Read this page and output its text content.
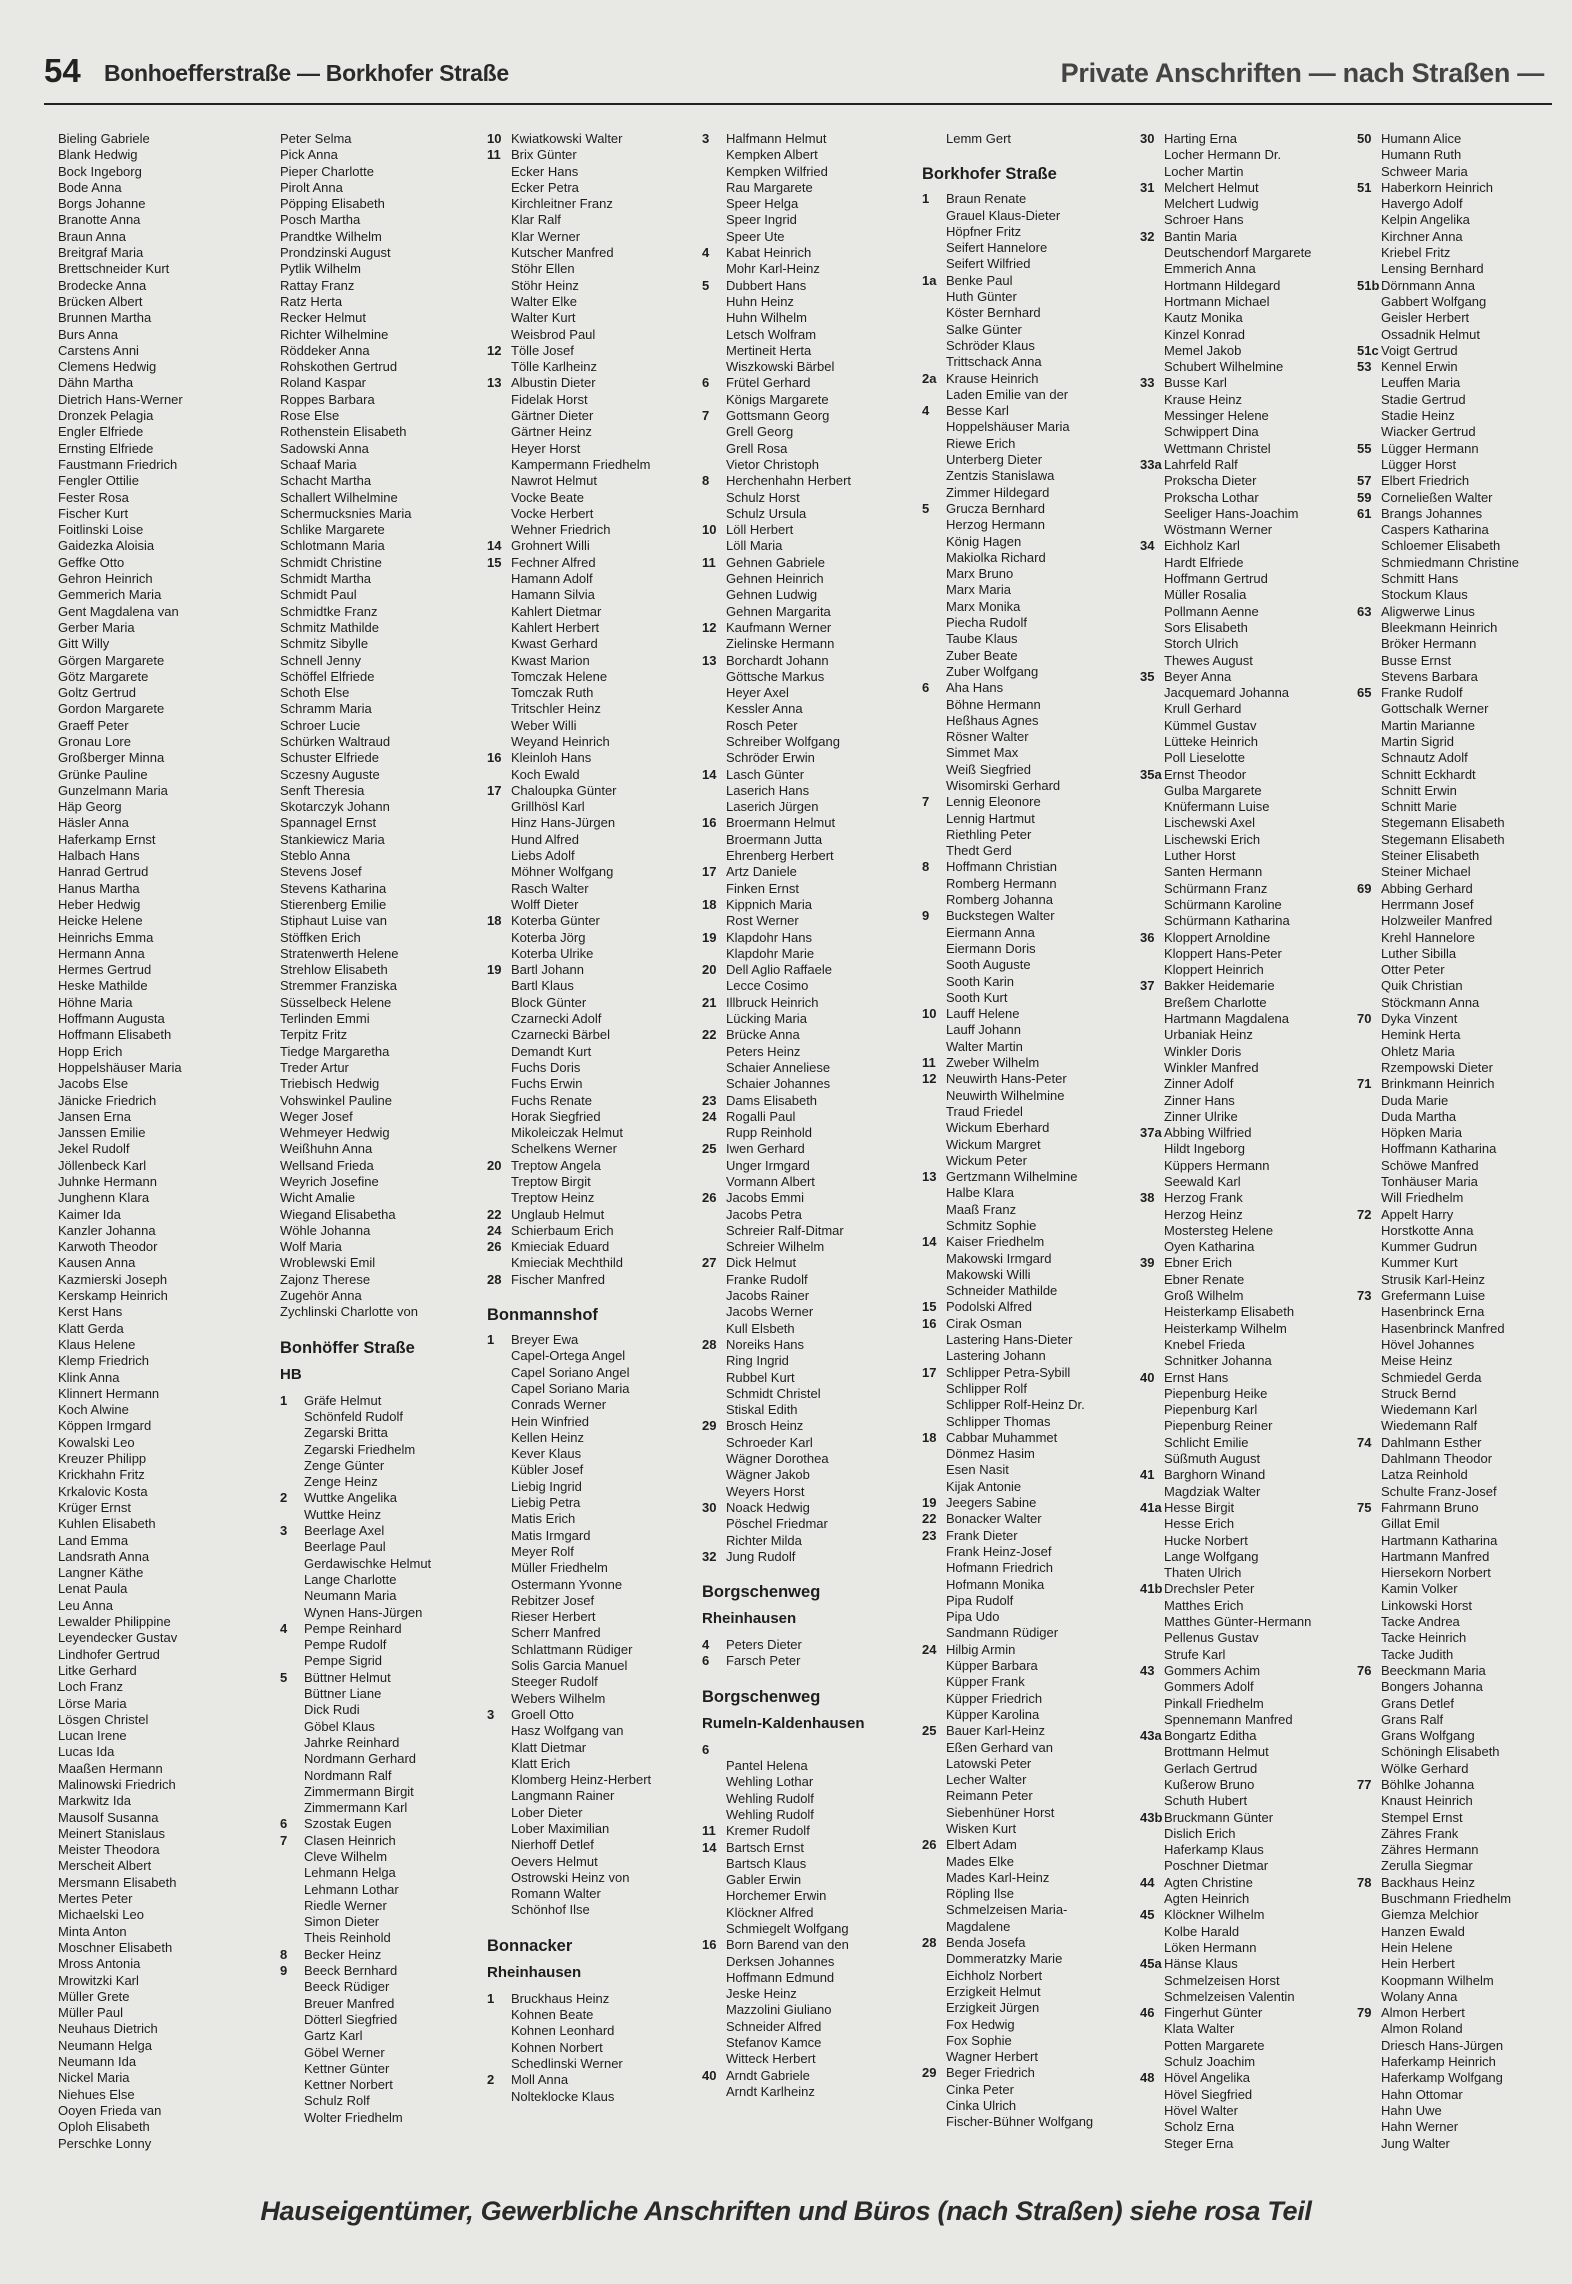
54 Bonhoefferstraße — Borkhofer Straße	Private Anschriften — nach Straßen —
Bieling Gabriele
Blank Hedwig
Bock Ingeborg
Bode Anna
Borgs Johanne
Branotte Anna
Braun Anna
Breitgraf Maria
Brettschneider Kurt
Brodecke Anna
Brücken Albert
Brunnen Martha
Burs Anna
Carstens Anni
Clemens Hedwig
Dähn Martha
Dietrich Hans-Werner
Dronzek Pelagia
Engler Elfriede
Ernsting Elfriede
Faustmann Friedrich
Fengler Ottilie
Fester Rosa
Fischer Kurt
Foitlinski Loise
Gaidezka Aloisia
Geffke Otto
Gehron Heinrich
Gemmerich Maria
Gent Magdalena van
Gerber Maria
Gitt Willy
Görgen Margarete
Götz Margarete
Goltz Gertrud
Gordon Margarete
Graeff Peter
Gronau Lore
Großberger Minna
Grünke Pauline
Gunzelmann Maria
Häp Georg
Häsler Anna
Haferkamp Ernst
Halbach Hans
Hanrad Gertrud
Hanus Martha
Heber Hedwig
Heicke Helene
Heinrichs Emma
Hermann Anna
Hermes Gertrud
Heske Mathilde
Höhne Maria
Hoffmann Augusta
Hoffmann Elisabeth
Hopp Erich
Hoppelshäuser Maria
Jacobs Else
Jänicke Friedrich
Jansen Erna
Janssen Emilie
Jekel Rudolf
Jöllenbeck Karl
Juhnke Hermann
Junghenn Klara
Kaimer Ida
Kanzler Johanna
Karwoth Theodor
Kausen Anna
Kazmierski Joseph
Kerskamp Heinrich
Kerst Hans
Klatt Gerda
Klaus Helene
Klemp Friedrich
Klink Anna
Klinnert Hermann
Koch Alwine
Köppen Irmgard
Kowalski Leo
Kreuzer Philipp
Krickhahn Fritz
Krkalovic Kosta
Krüger Ernst
Kuhlen Elisabeth
Land Emma
Landsrath Anna
Langner Käthe
Lenat Paula
Leu Anna
Lewalder Philippine
Leyendecker Gustav
Lindhofer Gertrud
Litke Gerhard
Loch Franz
Lörse Maria
Lösgen Christel
Lucan Irene
Lucas Ida
Maaßen Hermann
Malinowski Friedrich
Markwitz Ida
Mausolf Susanna
Meinert Stanislaus
Meister Theodora
Merscheit Albert
Mersmann Elisabeth
Mertes Peter
Michaelski Leo
Minta Anton
Moschner Elisabeth
Mross Antonia
Mrowitzki Karl
Müller Grete
Müller Paul
Neuhaus Dietrich
Neumann Helga
Neumann Ida
Nickel Maria
Niehues Else
Ooyen Frieda van
Oploh Elisabeth
Perschke Lonny
Peter Selma
Pick Anna
Pieper Charlotte
Pirolt Anna
Pöpping Elisabeth
Posch Martha
Prandtke Wilhelm
Prondzinski August
Pytlik Wilhelm
Rattay Franz
Ratz Herta
Recker Helmut
Richter Wilhelmine
Röddeker Anna
Rohskothen Gertrud
Roland Kaspar
Roppes Barbara
Rose Else
Rothenstein Elisabeth
Sadowski Anna
Schaaf Maria
Schacht Martha
Schallert Wilhelmine
Schermucksnies Maria
Schlike Margarete
Schlotmann Maria
Schmidt Christine
Schmidt Martha
Schmidt Paul
Schmidtke Franz
Schmitz Mathilde
Schmitz Sibylle
Schnell Jenny
Schöffel Elfriede
Schoth Else
Schramm Maria
Schroer Lucie
Schürken Waltraud
Schuster Elfriede
Sczesny Auguste
Senft Theresia
Skotarczyk Johann
Spannagel Ernst
Stankiewicz Maria
Steblo Anna
Stevens Josef
Stevens Katharina
Stierenberg Emilie
Stiphaut Luise van
Stöffken Erich
Stratenwerth Helene
Strehlow Elisabeth
Stremmer Franziska
Süsselbeck Helene
Terlinden Emmi
Terpitz Fritz
Tiedge Margaretha
Treder Artur
Triebisch Hedwig
Vohswinkel Pauline
Weger Josef
Wehmeyer Hedwig
Weißhuhn Anna
Wellsand Frieda
Weyrich Josefine
Wicht Amalie
Wiegand Elisabetha
Wöhle Johanna
Wolf Maria
Wroblewski Emil
Zajonz Therese
Zugehör Anna
Zychlinski Charlotte von
Bonhöffer Straße
HB
1 Gräfe Helmut
Schönfeld Rudolf
Zegarski Britta
Zegarski Friedhelm
Zenge Günter
Zenge Heinz
2 Wuttke Angelika
Wuttke Heinz
3 Beerlage Axel
Beerlage Paul
Gerdawischke Helmut
Lange Charlotte
Neumann Maria
Wynen Hans-Jürgen
4 Pempe Reinhard
Pempe Rudolf
Pempe Sigrid
5 Büttner Helmut
Büttner Liane
Dick Rudi
Göbel Klaus
Jahrke Reinhard
Nordmann Gerhard
Nordmann Ralf
Zimmermann Birgit
Zimmermann Karl
6 Szostak Eugen
7 Clasen Heinrich
Cleve Wilhelm
Lehmann Helga
Lehmann Lothar
Riedle Werner
Simon Dieter
Theis Reinhold
8 Becker Heinz
9 Beeck Bernhard
Beeck Rüdiger
Breuer Manfred
Dötterl Siegfried
Gartz Karl
Göbel Werner
Kettner Günter
Kettner Norbert
Schulz Rolf
Wolter Friedhelm
10 Kwiatkowski Walter
11 Brix Günter
Ecker Hans
Ecker Petra
Kirchleitner Franz
Klar Ralf
Klar Werner
Kutscher Manfred
Stöhr Ellen
Stöhr Heinz
Walter Elke
Walter Kurt
Weisbrod Paul
12 Tölle Josef
Tölle Karlheinz
13 Albustin Dieter
Fidelak Horst
Gärtner Dieter
Gärtner Heinz
Heyer Horst
Kampermann Friedhelm
Nawrot Helmut
Vocke Beate
Vocke Herbert
Wehner Friedrich
14 Grohnert Willi
15 Fechner Alfred
Hamann Adolf
Hamann Silvia
Kahlert Dietmar
Kahlert Herbert
Kwast Gerhard
Kwast Marion
Tomczak Helene
Tomczak Ruth
Tritschler Heinz
Weber Willi
Weyand Heinrich
16 Kleinloh Hans
Koch Ewald
17 Chaloupka Günter
Grillhösl Karl
Hinz Hans-Jürgen
Hund Alfred
Liebs Adolf
Möhner Wolfgang
Rasch Walter
Wolff Dieter
18 Koterba Günter
Koterba Jörg
Koterba Ulrike
19 Bartl Johann
Bartl Klaus
Block Günter
Czarnecki Adolf
Czarnecki Bärbel
Demandt Kurt
Fuchs Doris
Fuchs Erwin
Fuchs Renate
Horak Siegfried
Mikoleiczak Helmut
Schelkens Werner
20 Treptow Angela
Treptow Birgit
Treptow Heinz
22 Unglaub Helmut
24 Schierbaum Erich
26 Kmieciak Eduard
Kmieciak Mechthild
28 Fischer Manfred
Bonmannshof
1 Breyer Ewa
Capel-Ortega Angel
Capel Soriano Angel
Capel Soriano Maria
Conrads Werner
Hein Winfried
Kellen Heinz
Kever Klaus
Kübler Josef
Liebig Ingrid
Liebig Petra
Matis Erich
Matis Irmgard
Meyer Rolf
Müller Friedhelm
Ostermann Yvonne
Rebitzer Josef
Rieser Herbert
Scherr Manfred
Schlattmann Rüdiger
Solis Garcia Manuel
Steeger Rudolf
Webers Wilhelm
3 Groell Otto
Hasz Wolfgang van
Klatt Dietmar
Klatt Erich
Klomberg Heinz-Herbert
Langmann Rainer
Lober Dieter
Lober Maximilian
Nierhoff Detlef
Oevers Helmut
Ostrowski Heinz von
Romann Walter
Schönhof Ilse
Bonnacker
Rheinhausen
1 Bruckhaus Heinz
Kohnen Beate
Kohnen Leonhard
Kohnen Norbert
Schedlinski Werner
2 Moll Anna
Nolteklocke Klaus
3 Halfmann Helmut
Kempken Albert
Kempken Wilfried
Rau Margarete
Speer Helga
Speer Ingrid
Speer Ute
4 Kabat Heinrich
Mohr Karl-Heinz
5 Dubbert Hans
Huhn Heinz
Huhn Wilhelm
Letsch Wolfram
Mertineit Herta
Wiszkowski Bärbel
6 Frütel Gerhard
Königs Margarete
7 Gottsmann Georg
Grell Georg
Grell Rosa
Vietor Christoph
8 Herchenhahn Herbert
Schulz Horst
Schulz Ursula
10 Löll Herbert
Löll Maria
11 Gehnen Gabriele
Gehnen Heinrich
Gehnen Ludwig
Gehnen Margarita
12 Kaufmann Werner
Zielinske Hermann
13 Borchardt Johann
Göttsche Markus
Heyer Axel
Kessler Anna
Rosch Peter
Schreiber Wolfgang
Schröder Erwin
14 Lasch Günter
Laserich Hans
Laserich Jürgen
16 Broermann Helmut
Broermann Jutta
Ehrenberg Herbert
17 Artz Daniele
Finken Ernst
18 Kippnich Maria
Rost Werner
19 Klapdohr Hans
Klapdohr Marie
20 Dell Aglio Raffaele
Lecce Cosimo
21 Illbruck Heinrich
Lücking Maria
22 Brücke Anna
Peters Heinz
Schaier Anneliese
Schaier Johannes
23 Dams Elisabeth
24 Rogalli Paul
Rupp Reinhold
25 Iwen Gerhard
Unger Irmgard
Vormann Albert
26 Jacobs Emmi
Jacobs Petra
Schreier Ralf-Ditmar
Schreier Wilhelm
27 Dick Helmut
Franke Rudolf
Jacobs Rainer
Jacobs Werner
Kull Elsbeth
28 Noreiks Hans
Ring Ingrid
Rubbel Kurt
Schmidt Christel
Stiskal Edith
29 Brosch Heinz
Schroeder Karl
Wägner Dorothea
Wägner Jakob
Weyers Horst
30 Noack Hedwig
Pöschel Friedmar
Richter Milda
32 Jung Rudolf
Borgschenweg
Rheinhausen
4 Peters Dieter
6 Farsch Peter
Borgschenweg
Rumeln-Kaldenhausen
6
Pantel Helena
Wehling Lothar
Wehling Rudolf
Wehling Rudolf
11 Kremer Rudolf
14 Bartsch Ernst
Bartsch Klaus
Gabler Erwin
Horchemer Erwin
Klöckner Alfred
Schmiegelt Wolfgang
16 Born Barend van den
Derksen Johannes
Hoffmann Edmund
Jeske Heinz
Mazzolini Giuliano
Schneider Alfred
Stefanov Kamce
Witteck Herbert
40 Arndt Gabriele
Arndt Karlheinz
Lemm Gert
Borkhofer Straße
1 Braun Renate
Grauel Klaus-Dieter
Höpfner Fritz
Seifert Hannelore
Seifert Wilfried
1a Benke Paul
Huth Günter
Köster Bernhard
Salke Günter
Schröder Klaus
Trittschack Anna
2a Krause Heinrich
Laden Emilie van der
4 Besse Karl
Hoppelshäuser Maria
Riewe Erich
Unterberg Dieter
Zentzis Stanislawa
Zimmer Hildegard
5 Grucza Bernhard
Herzog Hermann
König Hagen
Makiolka Richard
Marx Bruno
Marx Maria
Marx Monika
Piecha Rudolf
Taube Klaus
Zuber Beate
Zuber Wolfgang
6 Aha Hans
Böhne Hermann
Heßhaus Agnes
Rösner Walter
Simmet Max
Weiß Siegfried
Wisomirski Gerhard
7 Lennig Eleonore
Lennig Hartmut
Riethling Peter
Thedt Gerd
8 Hoffmann Christian
Romberg Hermann
Romberg Johanna
9 Buckstegen Walter
Eiermann Anna
Eiermann Doris
Sooth Auguste
Sooth Karin
Sooth Kurt
10 Lauff Helene
Lauff Johann
Walter Martin
11 Zweber Wilhelm
12 Neuwirth Hans-Peter
Neuwirth Wilhelmine
Traud Friedel
Wickum Eberhard
Wickum Margret
Wickum Peter
13 Gertzmann Wilhelmine
Halbe Klara
Maaß Franz
Schmitz Sophie
14 Kaiser Friedhelm
Makowski Irmgard
Makowski Willi
Schneider Mathilde
15 Podolski Alfred
16 Cirak Osman
Lastering Hans-Dieter
Lastering Johann
17 Schlipper Petra-Sybill
Schlipper Rolf
Schlipper Rolf-Heinz Dr.
Schlipper Thomas
18 Cabbar Muhammet
Dönmez Hasim
Esen Nasit
Kijak Antonie
19 Jeegers Sabine
22 Bonacker Walter
23 Frank Dieter
Frank Heinz-Josef
Hofmann Friedrich
Hofmann Monika
Pipa Rudolf
Pipa Udo
Sandmann Rüdiger
24 Hilbig Armin
Küpper Barbara
Küpper Frank
Küpper Friedrich
Küpper Karolina
25 Bauer Karl-Heinz
Eßen Gerhard van
Latowski Peter
Lecher Walter
Reimann Peter
Siebenhüner Horst
Wisken Kurt
26 Elbert Adam
Mades Elke
Mades Karl-Heinz
Röpling Ilse
Schmelzeisen Maria-
Magdalene
28 Benda Josefa
Dommeratzky Marie
Eichholz Norbert
Erzigkeit Helmut
Erzigkeit Jürgen
Fox Hedwig
Fox Sophie
Wagner Herbert
29 Beger Friedrich
Cinka Peter
Cinka Ulrich
Fischer-Bühner Wolfgang
30 Harting Erna
Locher Hermann Dr.
Locher Martin
31 Melchert Helmut
Melchert Ludwig
Schroer Hans
32 Bantin Maria
Deutschendorf Margarete
Emmerich Anna
Hortmann Hildegard
Hortmann Michael
Kautz Monika
Kinzel Konrad
Memel Jakob
Schubert Wilhelmine
33 Busse Karl
Krause Heinz
Messinger Helene
Schwippert Dina
Wettmann Christel
33a Lahrfeld Ralf
Prokscha Dieter
Prokscha Lothar
Seeliger Hans-Joachim
Wöstmann Werner
34 Eichholz Karl
Hardt Elfriede
Hoffmann Gertrud
Müller Rosalia
Pollmann Aenne
Sors Elisabeth
Storch Ulrich
Thewes August
35 Beyer Anna
Jacquemard Johanna
Krull Gerhard
Kümmel Gustav
Lütteke Heinrich
Poll Lieselotte
35a Ernst Theodor
Gulba Margarete
Knüfermann Luise
Lischewski Axel
Lischewski Erich
Luther Horst
Santen Hermann
Schürmann Franz
Schürmann Karoline
Schürmann Katharina
36 Kloppert Arnoldine
Kloppert Hans-Peter
Kloppert Heinrich
37 Bakker Heidemarie
Breßem Charlotte
Hartmann Magdalena
Urbaniak Heinz
Winkler Doris
Winkler Manfred
Zinner Adolf
Zinner Hans
Zinner Ulrike
37a Abbing Wilfried
Hildt Ingeborg
Küppers Hermann
Seewald Karl
38 Herzog Frank
Herzog Heinz
Mostersteg Helene
Oyen Katharina
39 Ebner Erich
Ebner Renate
Groß Wilhelm
Heisterkamp Elisabeth
Heisterkamp Wilhelm
Knebel Frieda
Schnitker Johanna
40 Ernst Hans
Piepenburg Heike
Piepenburg Karl
Piepenburg Reiner
Schlicht Emilie
Süßmuth August
41 Barghorn Winand
Magdziak Walter
41a Hesse Birgit
Hesse Erich
Hucke Norbert
Lange Wolfgang
Thaten Ulrich
41b Drechsler Peter
Matthes Erich
Matthes Günter-Hermann
Pellenus Gustav
Strufe Karl
43 Gommers Achim
Gommers Adolf
Pinkall Friedhelm
Spennemann Manfred
43a Bongartz Editha
Brottmann Helmut
Gerlach Gertrud
Kußerow Bruno
Schuth Hubert
43b Bruckmann Günter
Dislich Erich
Haferkamp Klaus
Poschner Dietmar
44 Agten Christine
Agten Heinrich
45 Klöckner Wilhelm
Kolbe Harald
Löken Hermann
45a Hänse Klaus
Schmelzeisen Horst
Schmelzeisen Valentin
46 Fingerhut Günter
Klata Walter
Potten Margarete
Schulz Joachim
48 Hövel Angelika
Hövel Siegfried
Hövel Walter
Scholz Erna
Steger Erna
50 Humann Alice
Humann Ruth
Schweer Maria
51 Haberkorn Heinrich
Havergo Adolf
Kelpin Angelika
Kirchner Anna
Kriebel Fritz
Lensing Bernhard
51b Dörnmann Anna
Gabbert Wolfgang
Geisler Herbert
Ossadnik Helmut
51c Voigt Gertrud
53 Kennel Erwin
Leuffen Maria
Stadie Gertrud
Stadie Heinz
Wiacker Gertrud
55 Lügger Hermann
Lügger Horst
57 Elbert Friedrich
59 Corneließen Walter
61 Brangs Johannes
Caspers Katharina
Schloemer Elisabeth
Schmiedmann Christine
Schmitt Hans
Stockum Klaus
63 Aligwerwe Linus
Bleekmann Heinrich
Bröker Hermann
Busse Ernst
Stevens Barbara
65 Franke Rudolf
Gottschalk Werner
Martin Marianne
Martin Sigrid
Schnautz Adolf
Schnitt Eckhardt
Schnitt Erwin
Schnitt Marie
Stegemann Elisabeth
Stegemann Elisabeth
Steiner Elisabeth
Steiner Michael
69 Abbing Gerhard
Herrmann Josef
Holzweiler Manfred
Krehl Hannelore
Luther Sibilla
Otter Peter
Quik Christian
Stöckmann Anna
70 Dyka Vinzent
Hemink Herta
Ohletz Maria
Rzempowski Dieter
71 Brinkmann Heinrich
Duda Marie
Duda Martha
Höpken Maria
Hoffmann Katharina
Schöwe Manfred
Tonhäuser Maria
Will Friedhelm
72 Appelt Harry
Horstkotte Anna
Kummer Gudrun
Kummer Kurt
Strusik Karl-Heinz
73 Grefermann Luise
Hasenbrinck Erna
Hasenbrinck Manfred
Hövel Johannes
Meise Heinz
Schmiedel Gerda
Struck Bernd
Wiedemann Karl
Wiedemann Ralf
74 Dahlmann Esther
Dahlmann Theodor
Latza Reinhold
Schulte Franz-Josef
75 Fahrmann Bruno
Gillat Emil
Hartmann Katharina
Hartmann Manfred
Hiersekorn Norbert
Kamin Volker
Linkowski Horst
Tacke Andrea
Tacke Heinrich
Tacke Judith
76 Beeckmann Maria
Bongers Johanna
Grans Detlef
Grans Ralf
Grans Wolfgang
Schöningh Elisabeth
Wölke Gerhard
77 Böhlke Johanna
Knaust Heinrich
Stempel Ernst
Zähres Frank
Zähres Hermann
Zerulla Siegmar
78 Backhaus Heinz
Buschmann Friedhelm
Giemza Melchior
Hanzen Ewald
Hein Helene
Hein Herbert
Koopmann Wilhelm
Wolany Anna
79 Almon Herbert
Almon Roland
Driesch Hans-Jürgen
Haferkamp Heinrich
Haferkamp Wolfgang
Hahn Ottomar
Hahn Uwe
Hahn Werner
Jung Walter
Hauseigentümer, Gewerbliche Anschriften und Büros (nach Straßen) siehe rosa Teil
